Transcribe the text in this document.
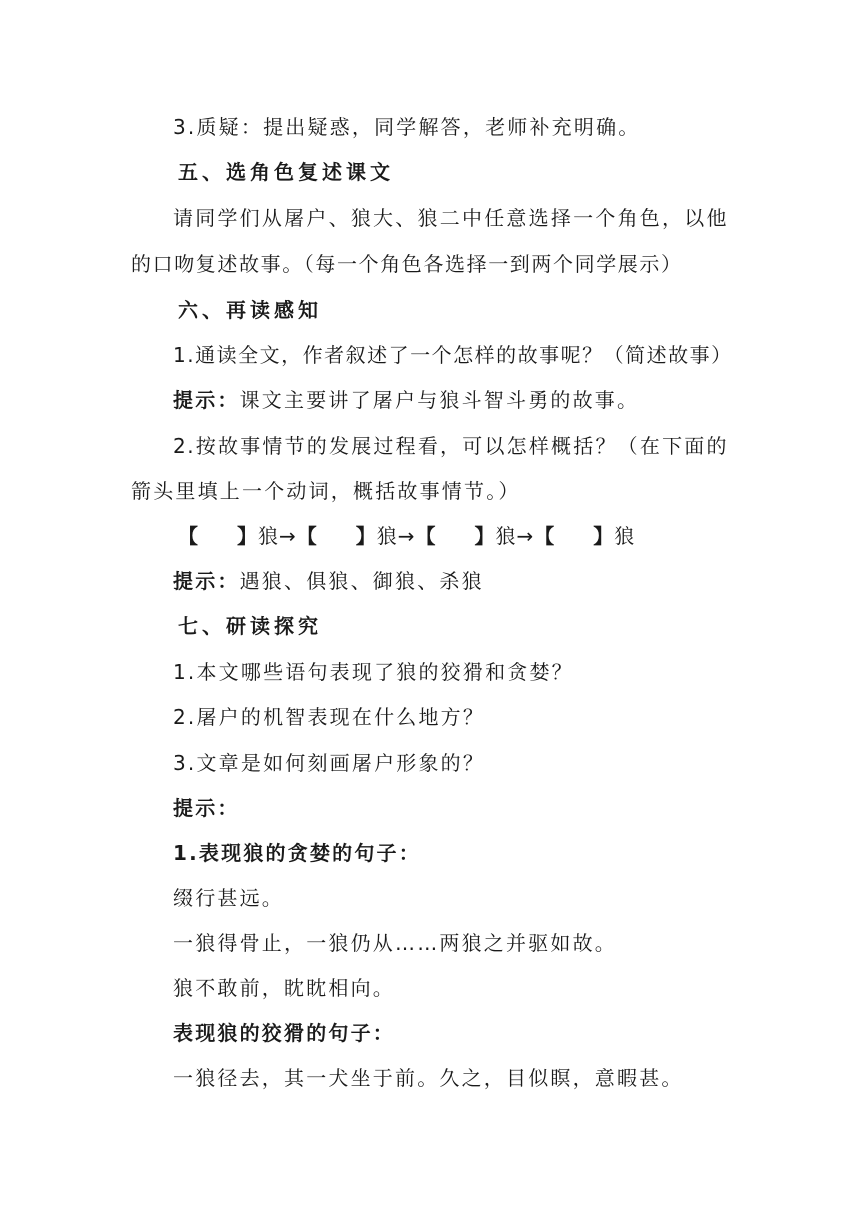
3.质疑：提出疑惑，同学解答，老师补充明确。
五、选角色复述课文
请同学们从屠户、狼大、狼二中任意选择一个角色，以他
的口吻复述故事。（每一个角色各选择一到两个同学展示）
六、再读感知
1.通读全文，作者叙述了一个怎样的故事呢？（简述故事）
提示：课文主要讲了屠户与狼斗智斗勇的故事。
2.按故事情节的发展过程看，可以怎样概括？（在下面的
箭头里填上一个动词，概括故事情节。）
【 】 狼 → 【 】 狼 → 【 】 狼 → 【 】 狼
提示：遇狼、俱狼、御狼、杀狼
七、研读探究
1.本文哪些语句表现了狼的狡猾和贪婪？
2.屠户的机智表现在什么地方？
3.文章是如何刻画屠户形象的？
提示：
1.表现狼的贪婪的句子：
缀行甚远。
一狼得骨止，一狼仍从……两狼之并驱如故。
狼不敢前，眈眈相向。
表现狼的狡猾的句子：
一狼径去，其一犬坐于前。久之，目似瞑，意暇甚。
